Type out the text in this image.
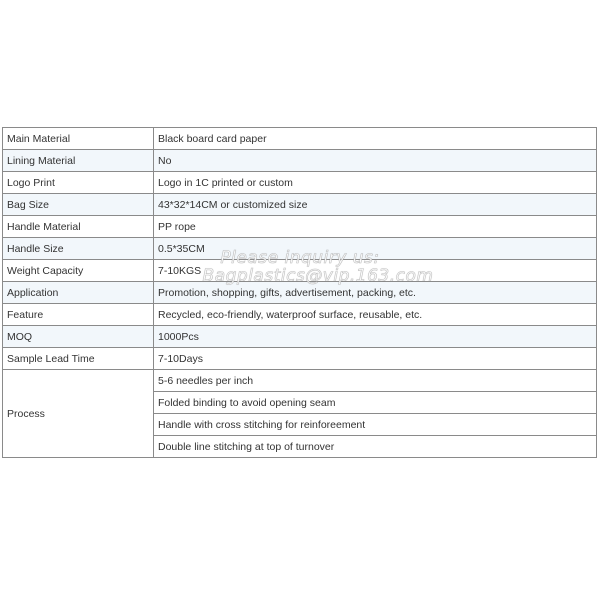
Main Material	Black board card paper
Lining Material	No
Logo Print	Logo in 1C printed or custom
Bag Size	43*32*14CM or customized size
Handle Material	PP rope
Handle Size	0.5*35CM
Weight Capacity	7-10KGS
Application	Promotion, shopping, gifts, advertisement, packing, etc.
Feature	Recycled, eco-friendly, waterproof surface, reusable, etc.
MOQ	1000Pcs
Sample Lead Time	7-10Days
Process	5-6 needles per inch
	Folded binding to avoid opening seam
	Handle with cross stitching for reinforeement
	Double line stitching at top of turnover
Please inquiry us:
Bagplastics@vip.163.com
